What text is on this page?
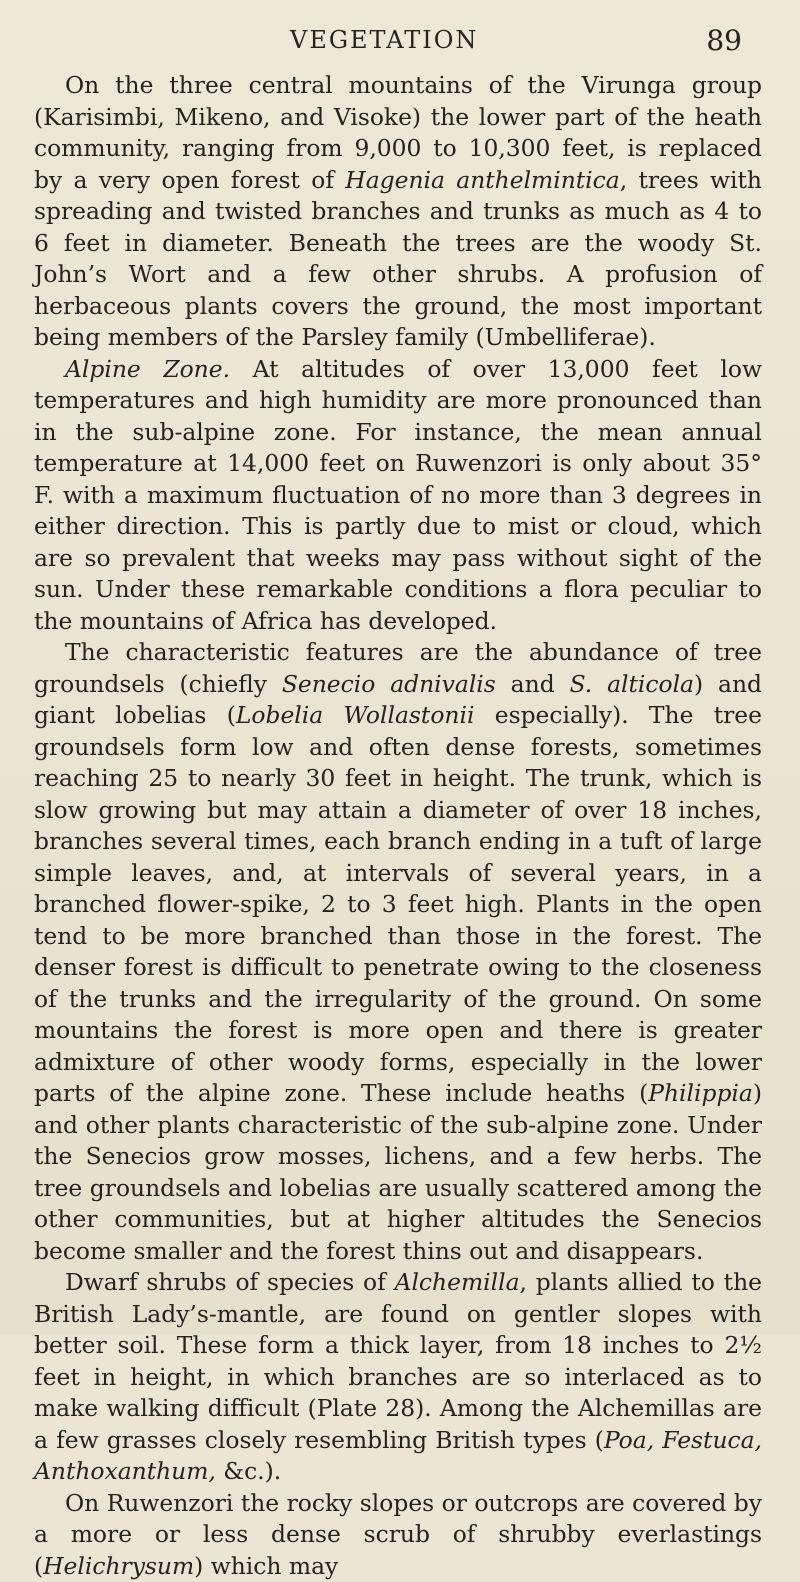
VEGETATION	89

On the three central mountains of the Virunga group (Karisimbi, Mikeno, and Visoke) the lower part of the heath community, ranging from 9,000 to 10,300 feet, is replaced by a very open forest of Hagenia anthelmintica, trees with spreading and twisted branches and trunks as much as 4 to 6 feet in diameter. Beneath the trees are the woody St. John’s Wort and a few other shrubs. A profusion of herbaceous plants covers the ground, the most important being members of the Parsley family (Umbelliferae).

Alpine Zone. At altitudes of over 13,000 feet low temperatures and high humidity are more pronounced than in the sub-alpine zone. For instance, the mean annual temperature at 14,000 feet on Ruwenzori is only about 35° F. with a maximum fluctuation of no more than 3 degrees in either direction. This is partly due to mist or cloud, which are so prevalent that weeks may pass without sight of the sun. Under these remarkable conditions a flora peculiar to the mountains of Africa has developed.

The characteristic features are the abundance of tree groundsels (chiefly Senecio adnivalis and S. alticola) and giant lobelias (Lobelia Wollastonii especially). The tree groundsels form low and often dense forests, sometimes reaching 25 to nearly 30 feet in height. The trunk, which is slow growing but may attain a diameter of over 18 inches, branches several times, each branch ending in a tuft of large simple leaves, and, at intervals of several years, in a branched flower-spike, 2 to 3 feet high. Plants in the open tend to be more branched than those in the forest. The denser forest is difficult to penetrate owing to the closeness of the trunks and the irregularity of the ground. On some mountains the forest is more open and there is greater admixture of other woody forms, especially in the lower parts of the alpine zone. These include heaths (Philippia) and other plants characteristic of the sub-alpine zone. Under the Senecios grow mosses, lichens, and a few herbs. The tree groundsels and lobelias are usually scattered among the other communities, but at higher altitudes the Senecios become smaller and the forest thins out and disappears.

Dwarf shrubs of species of Alchemilla, plants allied to the British Lady’s-mantle, are found on gentler slopes with better soil. These form a thick layer, from 18 inches to 2½ feet in height, in which branches are so interlaced as to make walking difficult (Plate 28). Among the Alchemillas are a few grasses closely resembling British types (Poa, Festuca, Anthoxanthum, &c.).

On Ruwenzori the rocky slopes or outcrops are covered by a more or less dense scrub of shrubby everlastings (Helichrysum) which may
